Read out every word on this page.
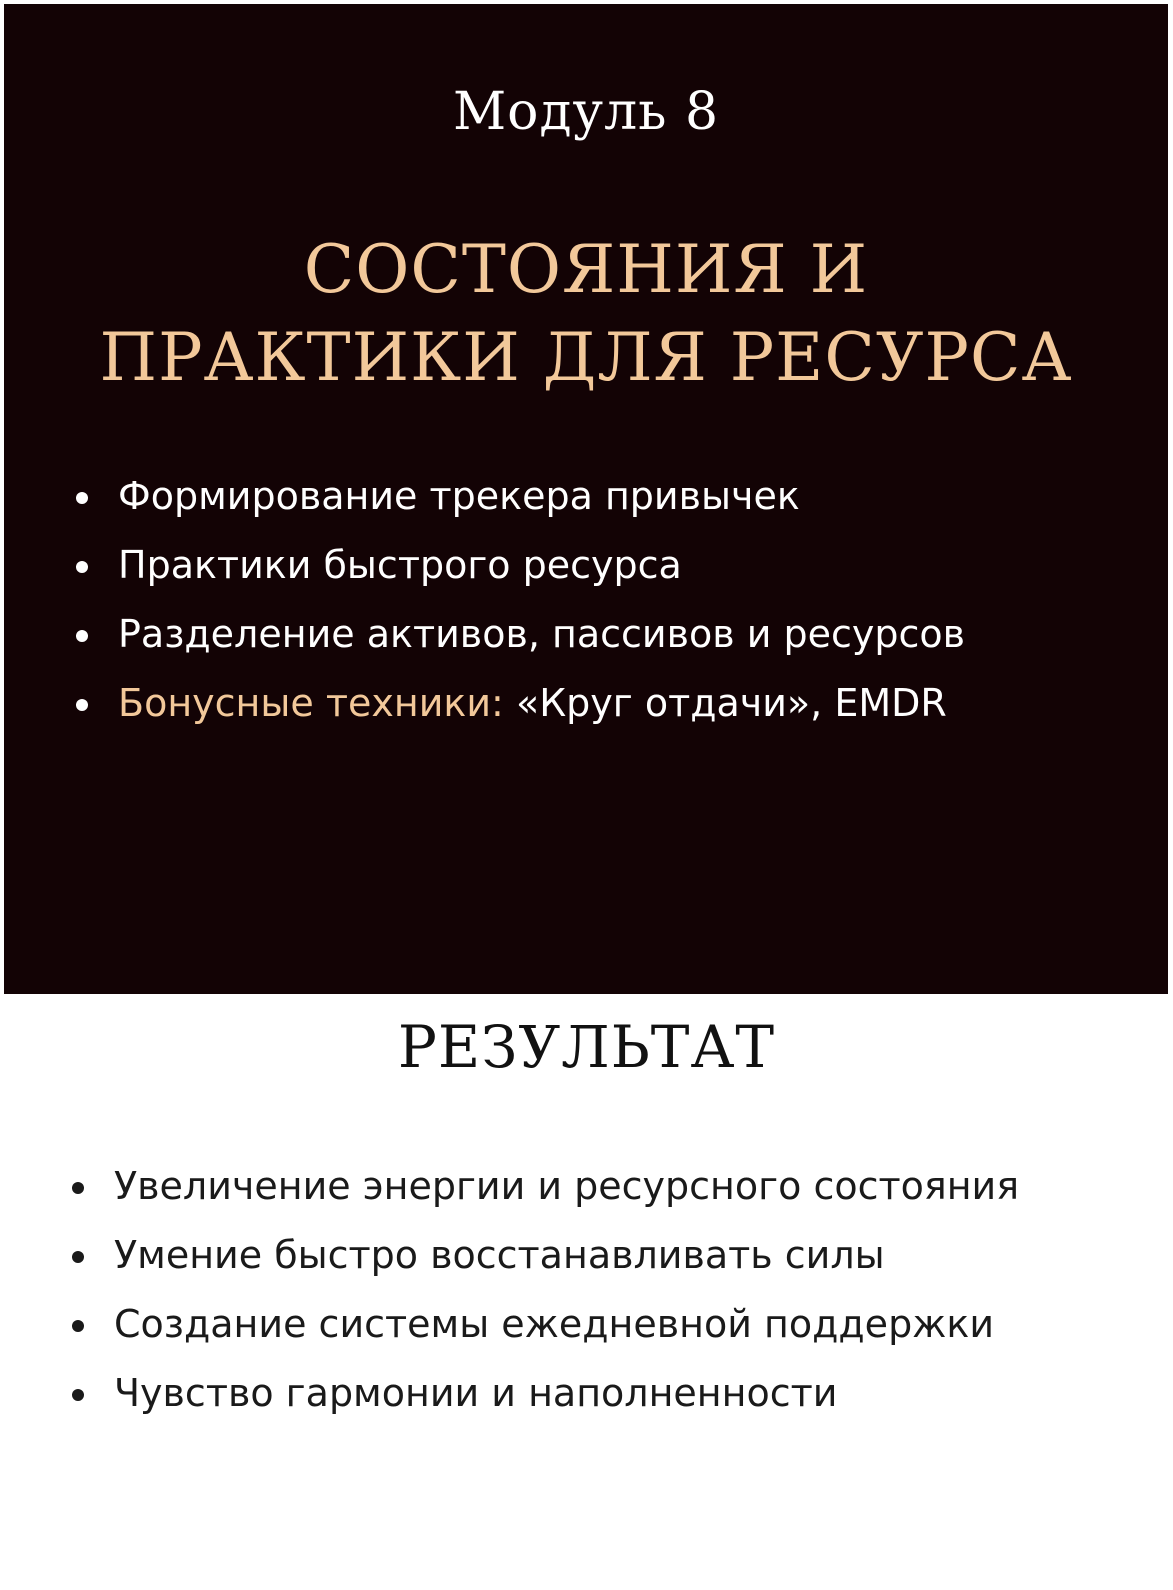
Модуль 8
СОСТОЯНИЯ И
ПРАКТИКИ ДЛЯ РЕСУРСА
Формирование трекера привычек
Практики быстрого ресурса
Разделение активов, пассивов и ресурсов
Бонусные техники: «Круг отдачи», EMDR
РЕЗУЛЬТАТ
Увеличение энергии и ресурсного состояния
Умение быстро восстанавливать силы
Создание системы ежедневной поддержки
Чувство гармонии и наполненности
